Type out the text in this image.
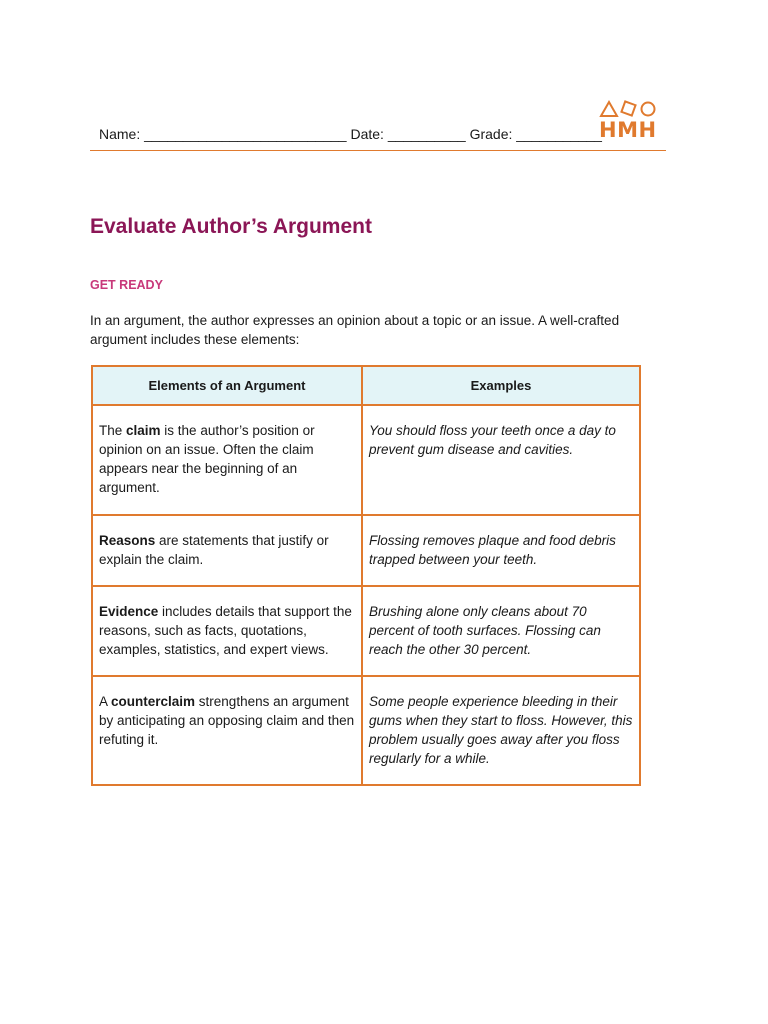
Name: __________________________ Date: __________ Grade: ___________
HMH
Evaluate Author’s Argument
GET READY
In an argument, the author expresses an opinion about a topic or an issue. A well-crafted argument includes these elements:
Elements of an Argument	Examples
The claim is the author’s position or opinion on an issue. Often the claim appears near the beginning of an argument.	You should floss your teeth once a day to prevent gum disease and cavities.
Reasons are statements that justify or explain the claim.	Flossing removes plaque and food debris trapped between your teeth.
Evidence includes details that support the reasons, such as facts, quotations, examples, statistics, and expert views.	Brushing alone only cleans about 70 percent of tooth surfaces. Flossing can reach the other 30 percent.
A counterclaim strengthens an argument by anticipating an opposing claim and then refuting it.	Some people experience bleeding in their gums when they start to floss. However, this problem usually goes away after you floss regularly for a while.
